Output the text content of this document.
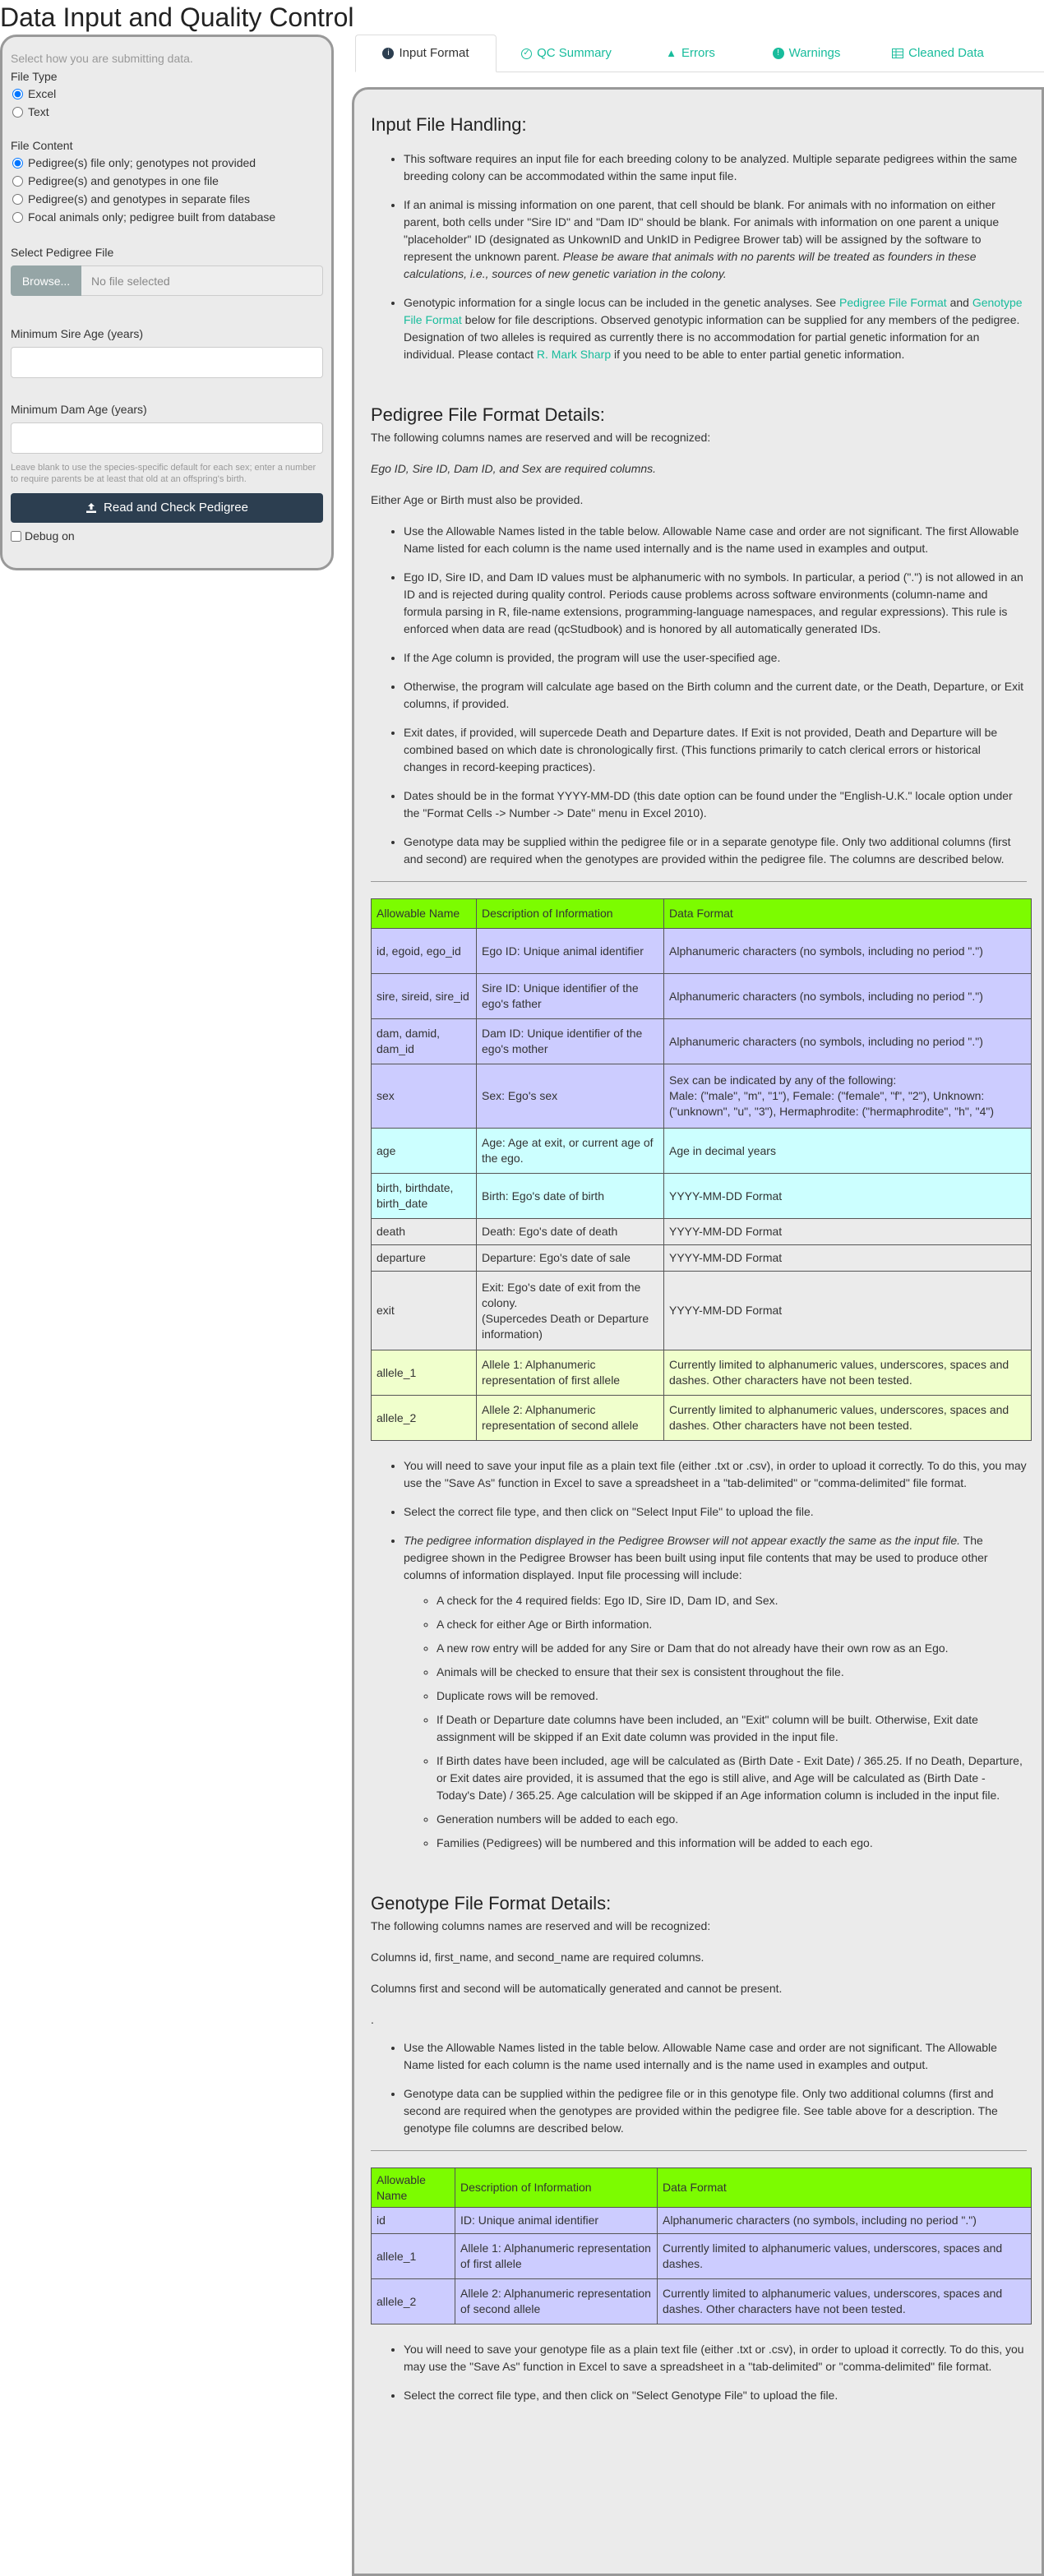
Data Input and Quality Control
Select how you are submitting data.
File Type
Excel
Text
File Content
Pedigree(s) file only; genotypes not provided
Pedigree(s) and genotypes in one file
Pedigree(s) and genotypes in separate files
Focal animals only; pedigree built from database
Select Pedigree File
Browse...	No file selected
Minimum Sire Age (years)
Minimum Dam Age (years)
Leave blank to use the species-specific default for each sex; enter a number to require parents be at least that old at an offspring's birth.
Read and Check Pedigree
Debug on
i Input Format	✓ QC Summary	▲ Errors	! Warnings	Cleaned Data
Input File Handling:
• This software requires an input file for each breeding colony to be analyzed. Multiple separate pedigrees within the same breeding colony can be accommodated within the same input file.
• If an animal is missing information on one parent, that cell should be blank. For animals with no information on either parent, both cells under "Sire ID" and "Dam ID" should be blank. For animals with information on one parent a unique "placeholder" ID (designated as UnkownID and UnkID in Pedigree Brower tab) will be assigned by the software to represent the unknown parent. Please be aware that animals with no parents will be treated as founders in these calculations, i.e., sources of new genetic variation in the colony.
• Genotypic information for a single locus can be included in the genetic analyses. See Pedigree File Format and Genotype File Format below for file descriptions. Observed genotypic information can be supplied for any members of the pedigree. Designation of two alleles is required as currently there is no accommodation for partial genetic information for an individual. Please contact R. Mark Sharp if you need to be able to enter partial genetic information.
Pedigree File Format Details:

The following columns names are reserved and will be recognized:

Ego ID, Sire ID, Dam ID, and Sex are required columns.

Either Age or Birth must also be provided.

• Use the Allowable Names listed in the table below. Allowable Name case and order are not significant. The first Allowable Name listed for each column is the name used internally and is the name used in examples and output.
• Ego ID, Sire ID, and Dam ID values must be alphanumeric with no symbols. In particular, a period (".") is not allowed in an ID and is rejected during quality control. Periods cause problems across software environments (column-name and formula parsing in R, file-name extensions, programming-language namespaces, and regular expressions). This rule is enforced when data are read (qcStudbook) and is honored by all automatically generated IDs.
• If the Age column is provided, the program will use the user-specified age.
• Otherwise, the program will calculate age based on the Birth column and the current date, or the Death, Departure, or Exit columns, if provided.
• Exit dates, if provided, will supercede Death and Departure dates. If Exit is not provided, Death and Departure will be combined based on which date is chronologically first. (This functions primarily to catch clerical errors or historical changes in record-keeping practices).
• Dates should be in the format YYYY-MM-DD (this date option can be found under the "English-U.K." locale option under the "Format Cells -> Number -> Date" menu in Excel 2010).
• Genotype data may be supplied within the pedigree file or in a separate genotype file. Only two additional columns (first and second) are required when the genotypes are provided within the pedigree file. The columns are described below.
Allowable Name	Description of Information	Data Format
id, egoid, ego_id	Ego ID: Unique animal identifier	Alphanumeric characters (no symbols, including no period ".")
sire, sireid, sire_id	Sire ID: Unique identifier of the ego's father	Alphanumeric characters (no symbols, including no period ".")
dam, damid, dam_id	Dam ID: Unique identifier of the ego's mother	Alphanumeric characters (no symbols, including no period ".")
sex	Sex: Ego's sex	Sex can be indicated by any of the following:
Male: ("male", "m", "1"), Female: ("female", "f", "2"), Unknown: ("unknown", "u", "3"), Hermaphrodite: ("hermaphrodite", "h", "4")
age	Age: Age at exit, or current age of the ego.	Age in decimal years
birth, birthdate, birth_date	Birth: Ego's date of birth	YYYY-MM-DD Format
death	Death: Ego's date of death	YYYY-MM-DD Format
departure	Departure: Ego's date of sale	YYYY-MM-DD Format
exit	Exit: Ego's date of exit from the colony.
(Supercedes Death or Departure information)	YYYY-MM-DD Format
allele_1	Allele 1: Alphanumeric representation of first allele	Currently limited to alphanumeric values, underscores, spaces and dashes. Other characters have not been tested.
allele_2	Allele 2: Alphanumeric representation of second allele	Currently limited to alphanumeric values, underscores, spaces and dashes. Other characters have not been tested.
• You will need to save your input file as a plain text file (either .txt or .csv), in order to upload it correctly. To do this, you may use the "Save As" function in Excel to save a spreadsheet in a "tab-delimited" or "comma-delimited" file format.
• Select the correct file type, and then click on "Select Input File" to upload the file.
• The pedigree information displayed in the Pedigree Browser will not appear exactly the same as the input file. The pedigree shown in the Pedigree Browser has been built using input file contents that may be used to produce other columns of information displayed. Input file processing will include:
◦ A check for the 4 required fields: Ego ID, Sire ID, Dam ID, and Sex.
◦ A check for either Age or Birth information.
◦ A new row entry will be added for any Sire or Dam that do not already have their own row as an Ego.
◦ Animals will be checked to ensure that their sex is consistent throughout the file.
◦ Duplicate rows will be removed.
◦ If Death or Departure date columns have been included, an "Exit" column will be built. Otherwise, Exit date assignment will be skipped if an Exit date column was provided in the input file.
◦ If Birth dates have been included, age will be calculated as (Birth Date - Exit Date) / 365.25. If no Death, Departure, or Exit dates aire provided, it is assumed that the ego is still alive, and Age will be calculated as (Birth Date - Today's Date) / 365.25. Age calculation will be skipped if an Age information column is included in the input file.
◦ Generation numbers will be added to each ego.
◦ Families (Pedigrees) will be numbered and this information will be added to each ego.
Genotype File Format Details:

The following columns names are reserved and will be recognized:

Columns id, first_name, and second_name are required columns.

Columns first and second will be automatically generated and cannot be present.

.
• Use the Allowable Names listed in the table below. Allowable Name case and order are not significant. The Allowable Name listed for each column is the name used internally and is the name used in examples and output.
• Genotype data can be supplied within the pedigree file or in this genotype file. Only two additional columns (first and second are required when the genotypes are provided within the pedigree file. See table above for a description. The genotype file columns are described below.
Allowable Name	Description of Information	Data Format
id	ID: Unique animal identifier	Alphanumeric characters (no symbols, including no period ".")
allele_1	Allele 1: Alphanumeric representation of first allele	Currently limited to alphanumeric values, underscores, spaces and dashes.
allele_2	Allele 2: Alphanumeric representation of second allele	Currently limited to alphanumeric values, underscores, spaces and dashes. Other characters have not been tested.
• You will need to save your genotype file as a plain text file (either .txt or .csv), in order to upload it correctly. To do this, you may use the "Save As" function in Excel to save a spreadsheet in a "tab-delimited" or "comma-delimited" file format.
• Select the correct file type, and then click on "Select Genotype File" to upload the file.
